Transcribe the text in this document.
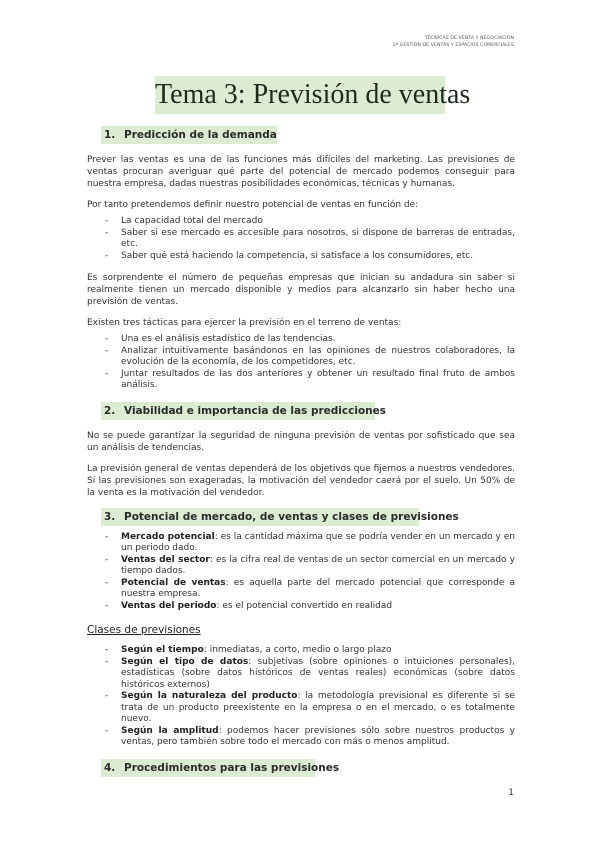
TÉCNICAS DE VENTA Y NEGOCIACIÓN
2º GESTIÓN DE VENTAS Y ESPACIOS COMERCIALES
Tema 3: Previsión de ventas
1. Predicción de la demanda

Prever las ventas es una de las funciones más difíciles del marketing. Las previsiones de ventas procuran averiguar qué parte del potencial de mercado podemos conseguir para nuestra empresa, dadas nuestras posibilidades económicas, técnicas y humanas.

Por tanto pretendemos definir nuestro potencial de ventas en función de:

- La capacidad total del mercado
- Saber si ese mercado es accesible para nosotros, si dispone de barreras de entradas, etc.
- Saber qué está haciendo la competencia, si satisface a los consumidores, etc.

Es sorprendente el número de pequeñas empresas que inician su andadura sin saber si realmente tienen un mercado disponible y medios para alcanzarlo sin haber hecho una previsión de ventas.

Existen tres tácticas para ejercer la previsión en el terreno de ventas:

- Una es el análisis estadístico de las tendencias.
- Analizar intuitivamente basándonos en las opiniones de nuestros colaboradores, la evolución de la economía, de los competidores, etc.
- Juntar resultados de las dos anteriores y obtener un resultado final fruto de ambos análisis.
2. Viabilidad e importancia de las predicciones

No se puede garantizar la seguridad de ninguna previsión de ventas por sofisticado que sea un análisis de tendencias.

La previsión general de ventas dependerá de los objetivos que fijemos a nuestros vendedores. Si las previsiones son exageradas, la motivación del vendedor caerá por el suelo. Un 50% de la venta es la motivación del vendedor.

3. Potencial de mercado, de ventas y clases de previsiones
- Mercado potencial: es la cantidad máxima que se podría vender en un mercado y en un periodo dado.
- Ventas del sector: es la cifra real de ventas de un sector comercial en un mercado y tiempo dados.
- Potencial de ventas: es aquella parte del mercado potencial que corresponde a nuestra empresa.
- Ventas del periodo: es el potencial convertido en realidad
Clases de previsiones
- Según el tiempo: inmediatas, a corto, medio o largo plazo
- Según el tipo de datos: subjetivas (sobre opiniones o intuiciones personales), estadísticas (sobre datos históricos de ventas reales) económicas (sobre datos históricos externos)
- Según la naturaleza del producto: la metodología previsional es diferente si se trata de un producto preexistente en la empresa o en el mercado, o es totalmente nuevo.
- Según la amplitud: podemos hacer previsiones sólo sobre nuestros productos y ventas, pero también sobre todo el mercado con más o menos amplitud.
4. Procedimientos para las previsiones
1
